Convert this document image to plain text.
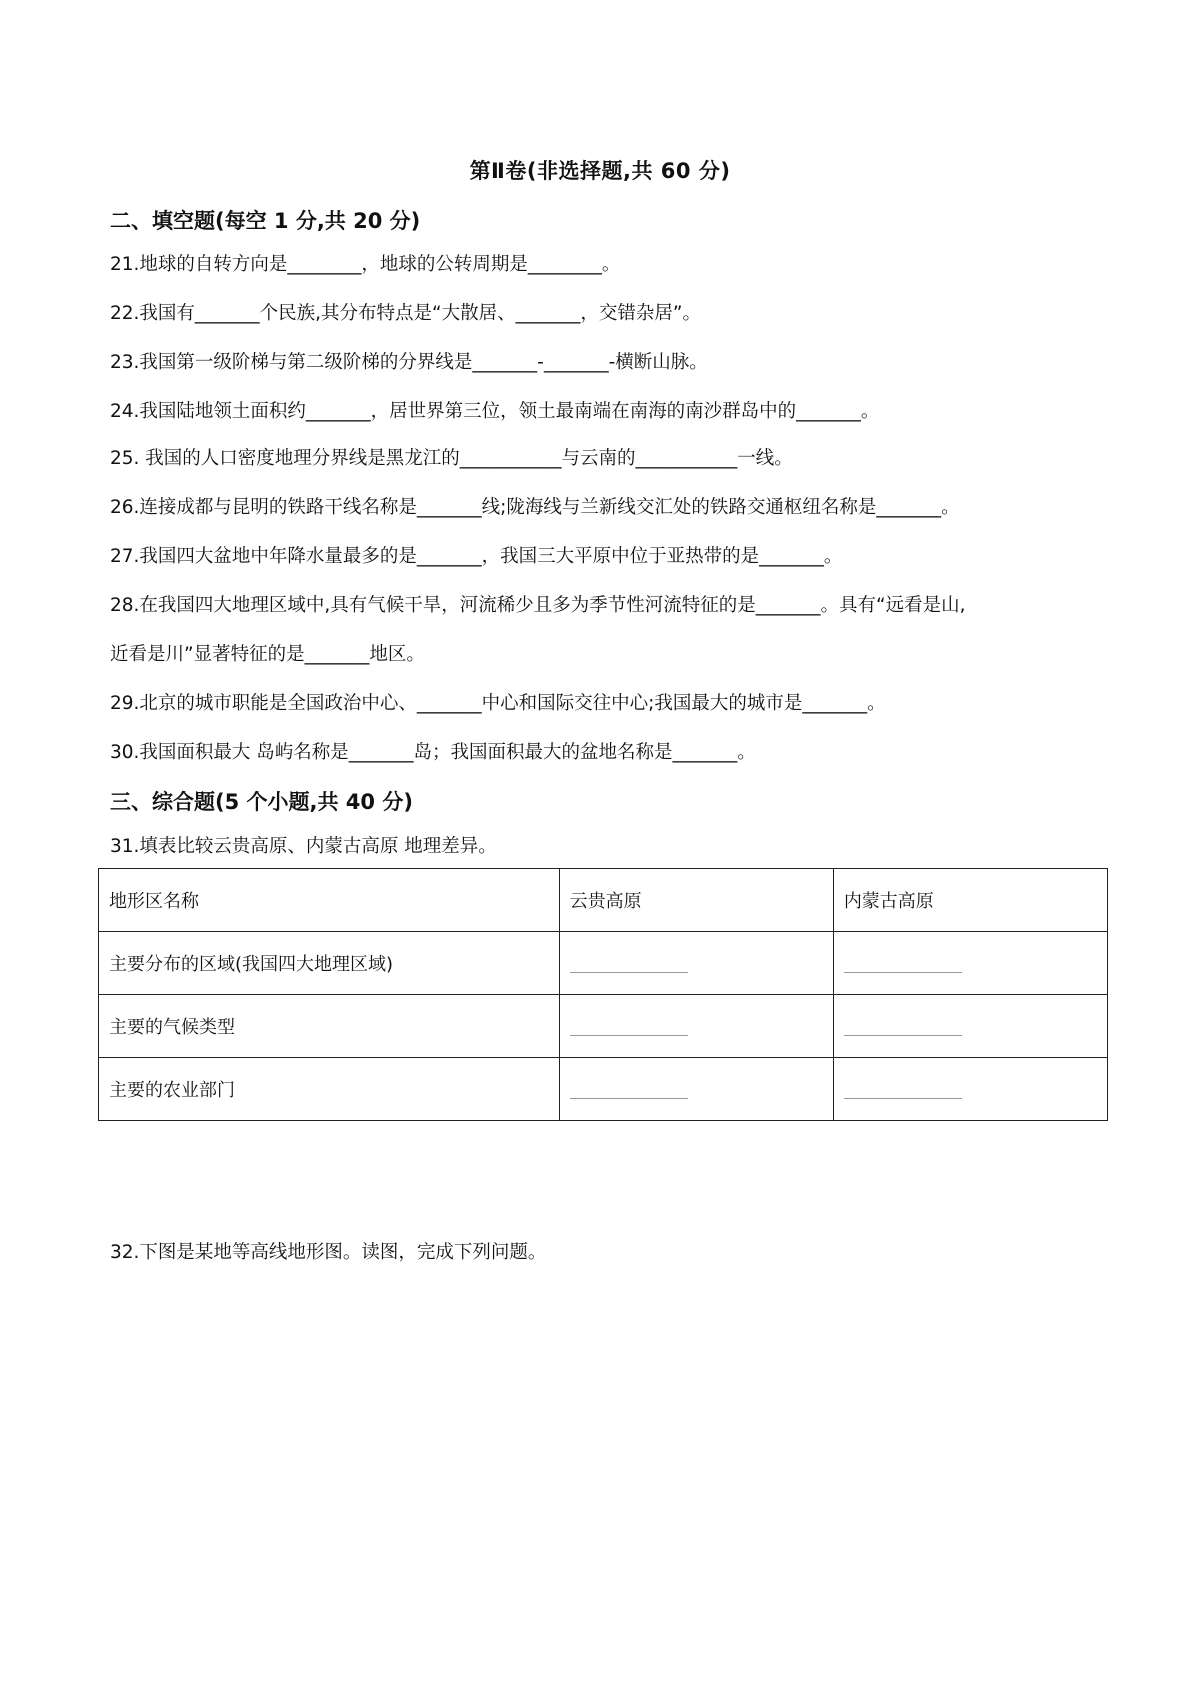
第Ⅱ卷(非选择题,共 60 分)
二、填空题(每空 1 分,共 20 分)
21.地球的自转方向是________，地球的公转周期是________。
22.我国有_______个民族,其分布特点是“大散居、_______，交错杂居”。
23.我国第一级阶梯与第二级阶梯的分界线是_______-_______-横断山脉。
24.我国陆地领土面积约_______，居世界第三位，领土最南端在南海的南沙群岛中的_______。
25. 我国的人口密度地理分界线是黑龙江的___________与云南的___________一线。
26.连接成都与昆明的铁路干线名称是_______线;陇海线与兰新线交汇处的铁路交通枢纽名称是_______。
27.我国四大盆地中年降水量最多的是_______，我国三大平原中位于亚热带的是_______。
28.在我国四大地理区域中,具有气候干旱，河流稀少且多为季节性河流特征的是_______。具有“远看是山,
近看是川”显著特征的是_______地区。
29.北京的城市职能是全国政治中心、_______中心和国际交往中心;我国最大的城市是_______。
30.我国面积最大 岛屿名称是_______岛；我国面积最大的盆地名称是_______。
三、综合题(5 个小题,共 40 分)
31.填表比较云贵高原、内蒙古高原 地理差异。
地形区名称	云贵高原	内蒙古高原
主要分布的区域(我国四大地理区域)		
主要的气候类型		
主要的农业部门		
32.下图是某地等高线地形图。读图，完成下列问题。
